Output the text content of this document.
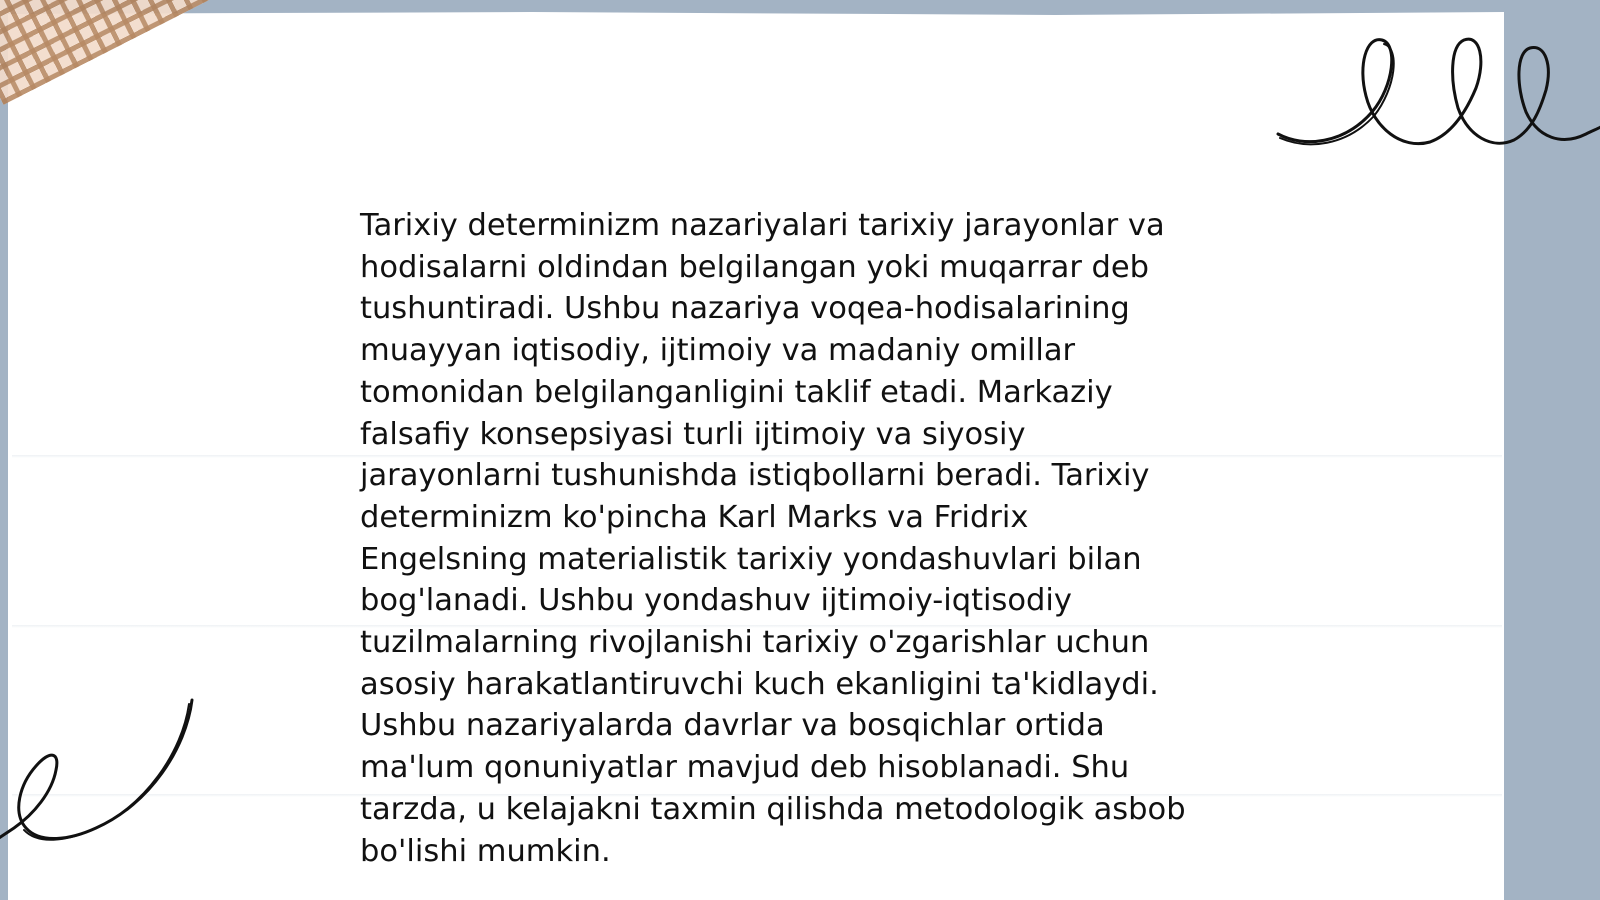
Tarixiy determinizm nazariyalari tarixiy jarayonlar va
hodisalarni oldindan belgilangan yoki muqarrar deb
tushuntiradi. Ushbu nazariya voqea-hodisalarining
muayyan iqtisodiy, ijtimoiy va madaniy omillar
tomonidan belgilanganligini taklif etadi. Markaziy
falsafiy konsepsiyasi turli ijtimoiy va siyosiy
jarayonlarni tushunishda istiqbollarni beradi. Tarixiy
determinizm ko'pincha Karl Marks va Fridrix
Engelsning materialistik tarixiy yondashuvlari bilan
bog'lanadi. Ushbu yondashuv ijtimoiy-iqtisodiy
tuzilmalarning rivojlanishi tarixiy o'zgarishlar uchun
asosiy harakatlantiruvchi kuch ekanligini ta'kidlaydi.
Ushbu nazariyalarda davrlar va bosqichlar ortida
ma'lum qonuniyatlar mavjud deb hisoblanadi. Shu
tarzda, u kelajakni taxmin qilishda metodologik asbob
bo'lishi mumkin.
